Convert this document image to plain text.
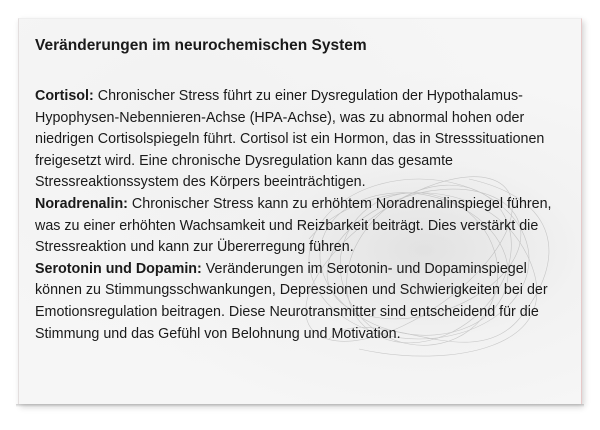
Veränderungen im neurochemischen System

Cortisol: Chronischer Stress führt zu einer Dysregulation der Hypothalamus-Hypophysen-Nebennieren-Achse (HPA-Achse), was zu abnormal hohen oder niedrigen Cortisolspiegeln führt. Cortisol ist ein Hormon, das in Stresssituationen freigesetzt wird. Eine chronische Dysregulation kann das gesamte Stressreaktionssystem des Körpers beeinträchtigen.

Noradrenalin: Chronischer Stress kann zu erhöhtem Noradrenalinspiegel führen, was zu einer erhöhten Wachsamkeit und Reizbarkeit beiträgt. Dies verstärkt die Stressreaktion und kann zur Übererregung führen.

Serotonin und Dopamin: Veränderungen im Serotonin- und Dopaminspiegel können zu Stimmungsschwankungen, Depressionen und Schwierigkeiten bei der Emotionsregulation beitragen. Diese Neurotransmitter sind entscheidend für die Stimmung und das Gefühl von Belohnung und Motivation.
